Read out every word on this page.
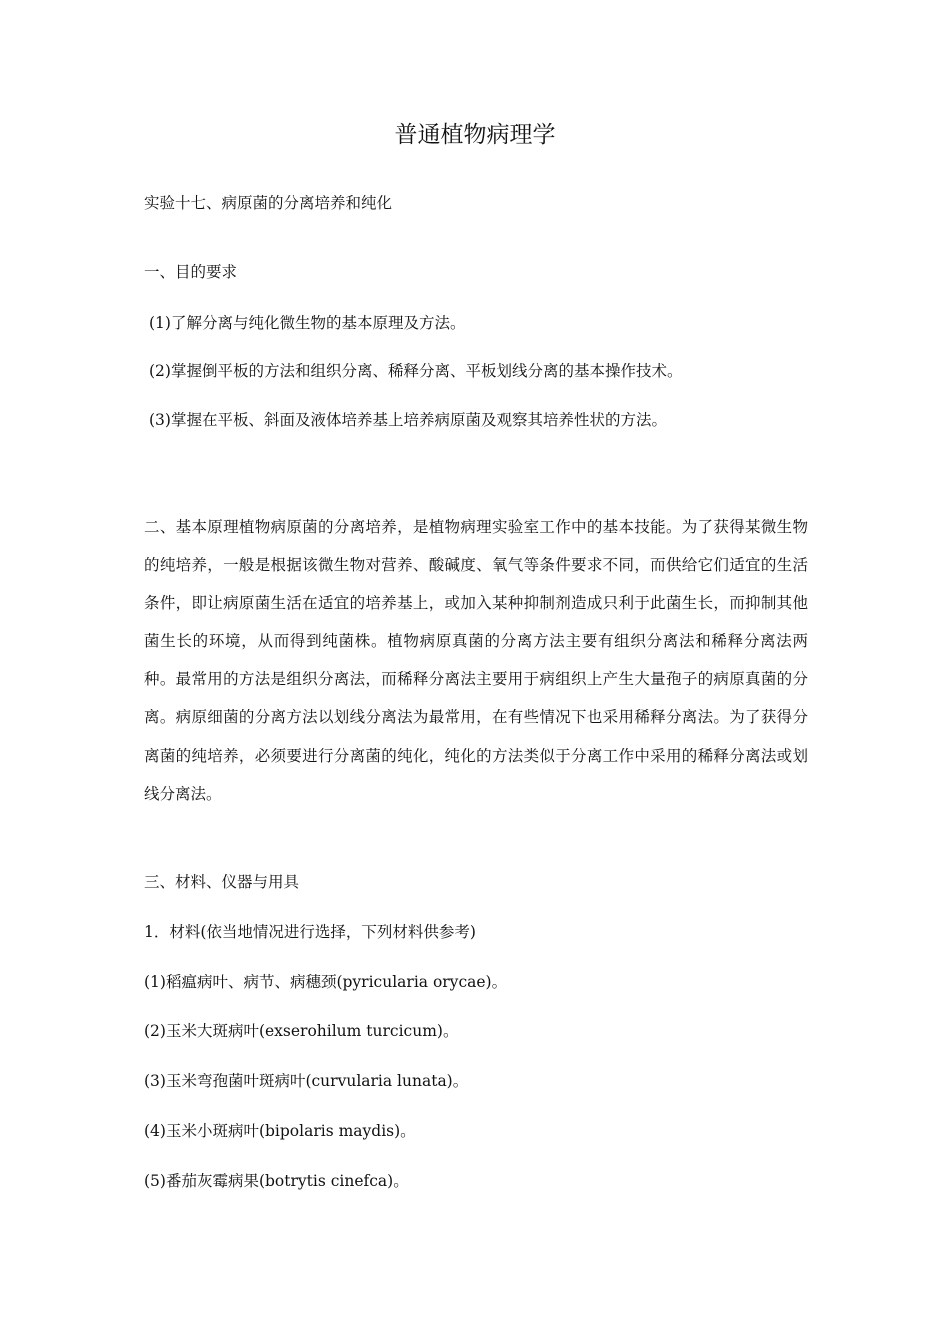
普通植物病理学
实验十七、病原菌的分离培养和纯化
一、目的要求
(1)了解分离与纯化微生物的基本原理及方法。
(2)掌握倒平板的方法和组织分离、稀释分离、平板划线分离的基本操作技术。
(3)掌握在平板、斜面及液体培养基上培养病原菌及观察其培养性状的方法。
二、基本原理植物病原菌的分离培养，是植物病理实验室工作中的基本技能。为了获得某微生物的纯培养，一般是根据该微生物对营养、酸碱度、氧气等条件要求不同，而供给它们适宜的生活条件，即让病原菌生活在适宜的培养基上，或加入某种抑制剂造成只利于此菌生长，而抑制其他菌生长的环境，从而得到纯菌株。植物病原真菌的分离方法主要有组织分离法和稀释分离法两种。最常用的方法是组织分离法，而稀释分离法主要用于病组织上产生大量孢子的病原真菌的分离。病原细菌的分离方法以划线分离法为最常用，在有些情况下也采用稀释分离法。为了获得分离菌的纯培养，必须要进行分离菌的纯化，纯化的方法类似于分离工作中采用的稀释分离法或划线分离法。
三、材料、仪器与用具
1．材料(依当地情况进行选择，下列材料供参考)
(1)稻瘟病叶、病节、病穗颈(pyricularia orycae)。
(2)玉米大斑病叶(exserohilum turcicum)。
(3)玉米弯孢菌叶斑病叶(curvularia lunata)。
(4)玉米小斑病叶(bipolaris maydis)。
(5)番茄灰霉病果(botrytis cinefca)。
